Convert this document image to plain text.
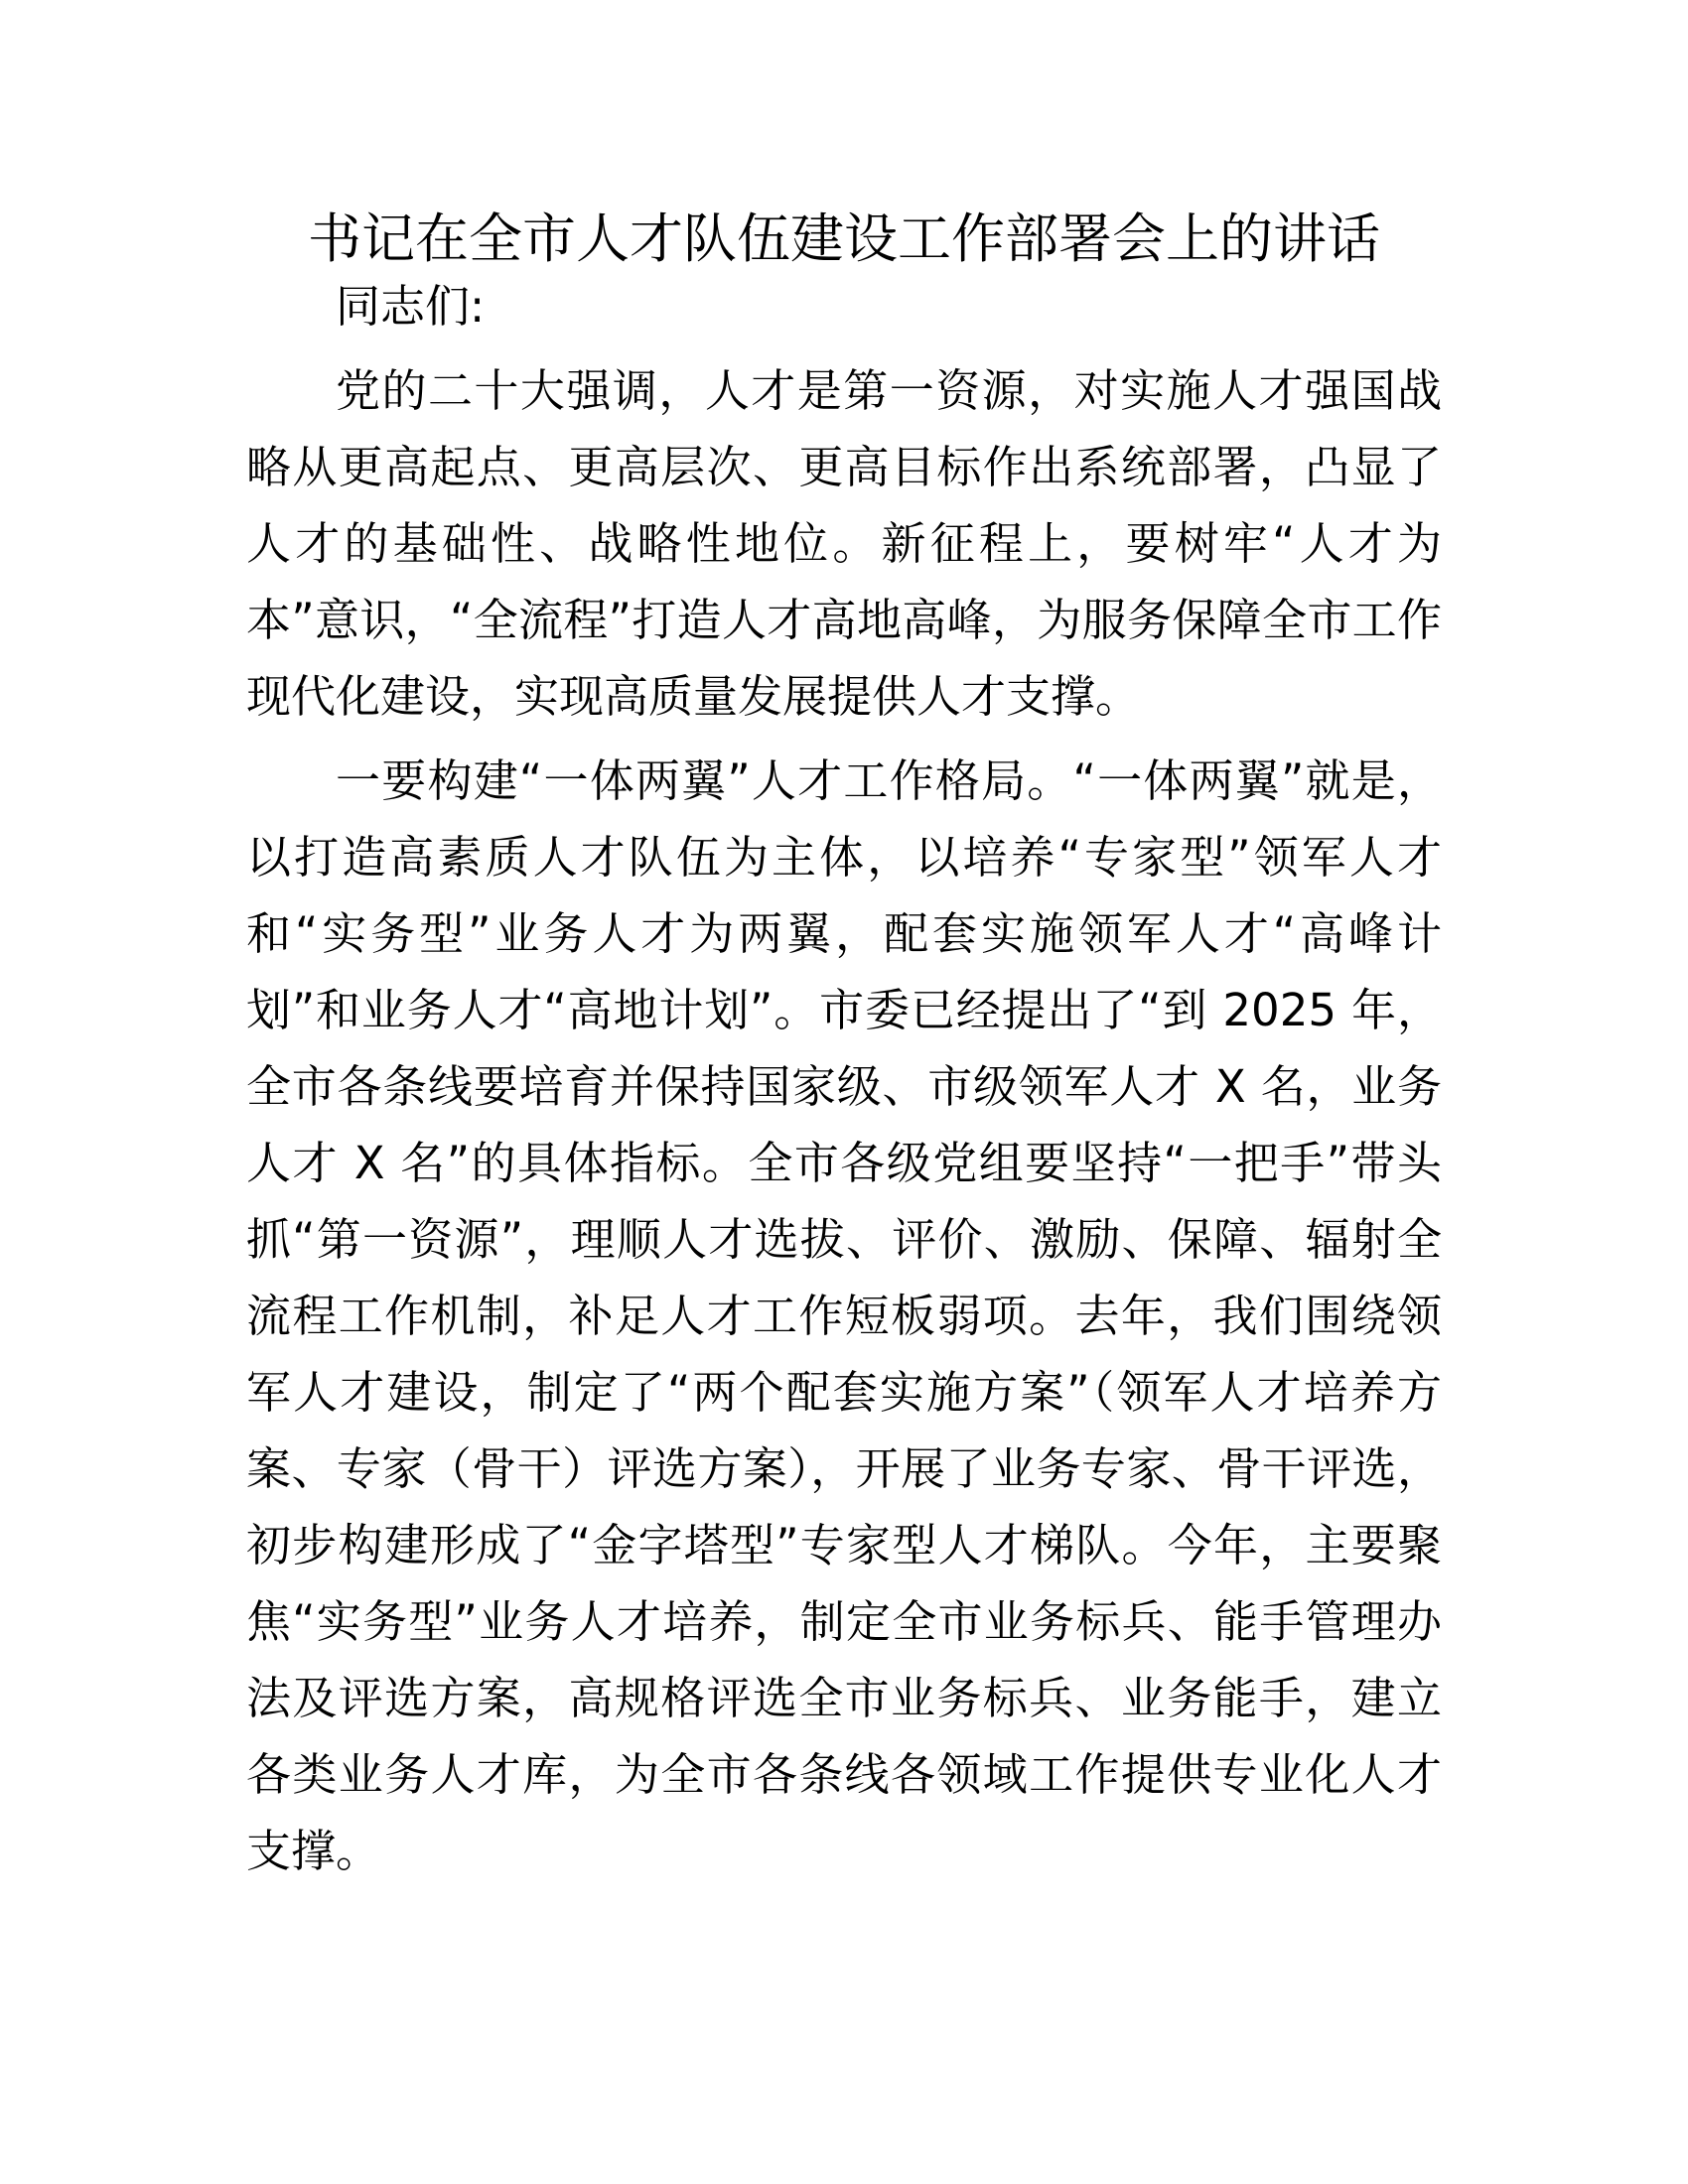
书记在全市人才队伍建设工作部署会上的讲话

同志们:

党的二十大强调，人才是第一资源，对实施人才强国战略从更高起点、更高层次、更高目标作出系统部署，凸显了人才的基础性、战略性地位。新征程上，要树牢“人才为本”意识，“全流程”打造人才高地高峰，为服务保障全市工作现代化建设，实现高质量发展提供人才支撑。

一要构建“一体两翼”人才工作格局。“一体两翼”就是，以打造高素质人才队伍为主体，以培养“专家型”领军人才和“实务型”业务人才为两翼，配套实施领军人才“高峰计划”和业务人才“高地计划”。市委已经提出了“到 2025 年，全市各条线要培育并保持国家级、市级领军人才 X 名，业务人才 X 名”的具体指标。全市各级党组要坚持“一把手”带头抓“第一资源”，理顺人才选拔、评价、激励、保障、辐射全流程工作机制，补足人才工作短板弱项。去年，我们围绕领军人才建设，制定了“两个配套实施方案”（领军人才培养方案、专家（骨干）评选方案），开展了业务专家、骨干评选，初步构建形成了“金字塔型”专家型人才梯队。今年，主要聚焦“实务型”业务人才培养，制定全市业务标兵、能手管理办法及评选方案，高规格评选全市业务标兵、业务能手，建立各类业务人才库，为全市各条线各领域工作提供专业化人才支撑。
